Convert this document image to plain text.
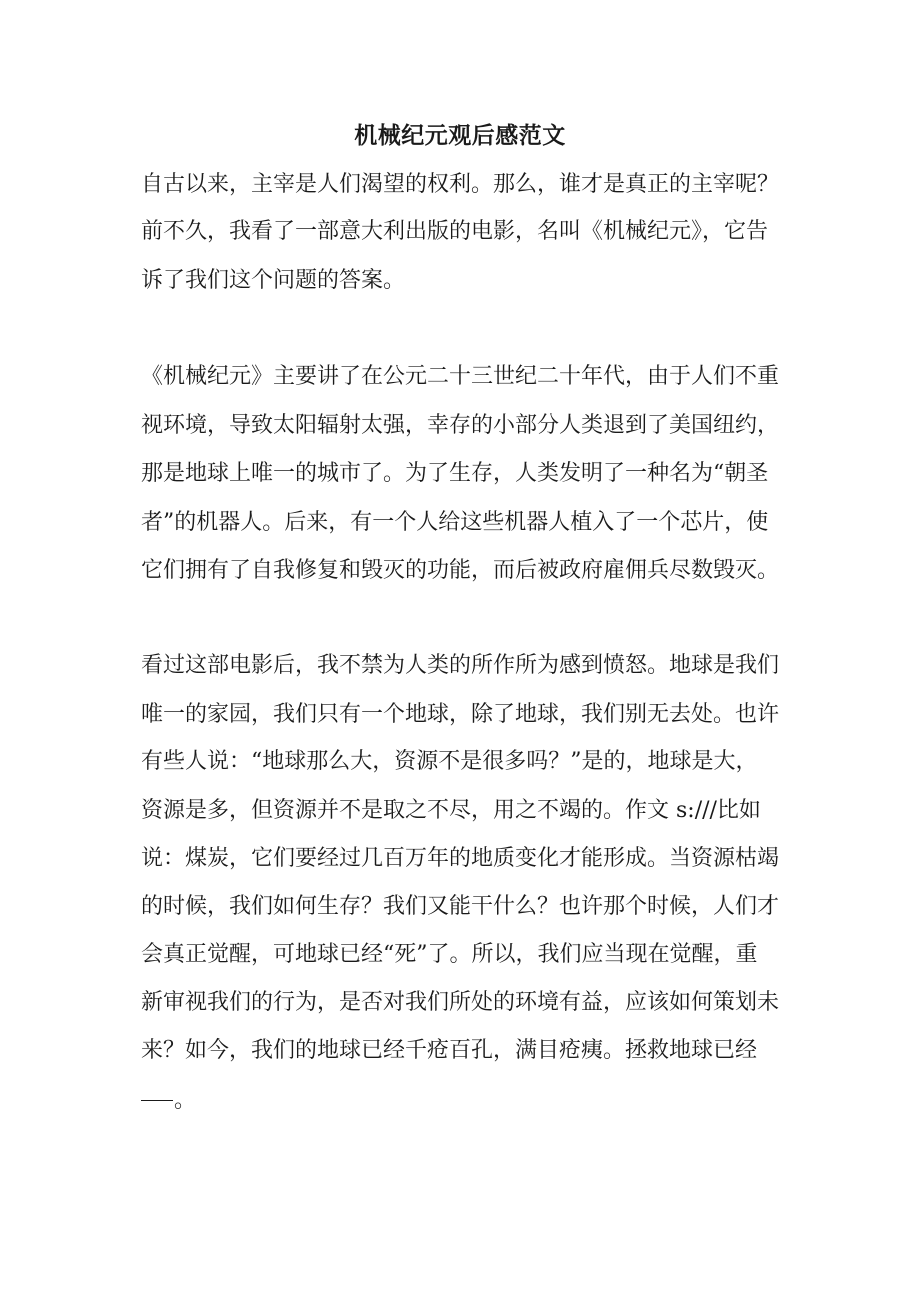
机械纪元观后感范文
自古以来，主宰是人们渴望的权利。那么，谁才是真正的主宰呢？
前不久，我看了一部意大利出版的电影，名叫《机械纪元》，它告
诉了我们这个问题的答案。
《机械纪元》主要讲了在公元二十三世纪二十年代，由于人们不重
视环境，导致太阳辐射太强，幸存的小部分人类退到了美国纽约，
那是地球上唯一的城市了。为了生存，人类发明了一种名为“朝圣
者”的机器人。后来，有一个人给这些机器人植入了一个芯片，使
它们拥有了自我修复和毁灭的功能，而后被政府雇佣兵尽数毁灭。
看过这部电影后，我不禁为人类的所作所为感到愤怒。地球是我们
唯一的家园，我们只有一个地球，除了地球，我们别无去处。也许
有些人说：“地球那么大，资源不是很多吗？”是的，地球是大，
资源是多，但资源并不是取之不尽，用之不竭的。作文 s:///比如
说：煤炭，它们要经过几百万年的地质变化才能形成。当资源枯竭
的时候，我们如何生存？我们又能干什么？也许那个时候，人们才
会真正觉醒，可地球已经“死”了。所以，我们应当现在觉醒，重
新审视我们的行为，是否对我们所处的环境有益，应该如何策划未
来？如今，我们的地球已经千疮百孔，满目疮痍。拯救地球已经
。
